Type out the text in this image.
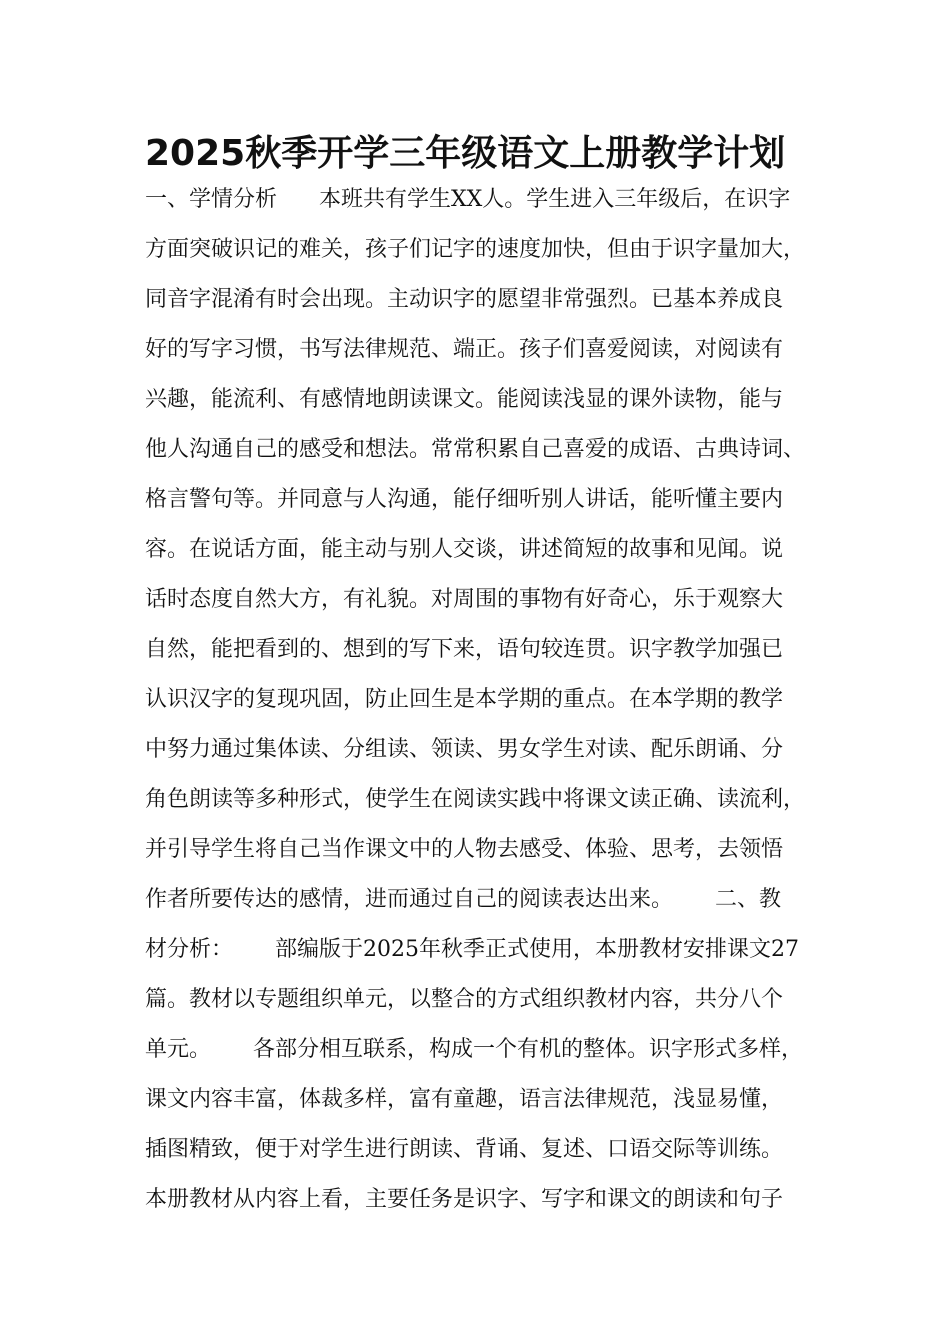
2025秋季开学三年级语文上册教学计划
一、学情分析      本班共有学生XX人。学生进入三年级后，在识字
方面突破识记的难关，孩子们记字的速度加快，但由于识字量加大，
同音字混淆有时会出现。主动识字的愿望非常强烈。已基本养成良
好的写字习惯，书写法律规范、端正。孩子们喜爱阅读，对阅读有
兴趣，能流利、有感情地朗读课文。能阅读浅显的课外读物，能与
他人沟通自己的感受和想法。常常积累自己喜爱的成语、古典诗词、
格言警句等。并同意与人沟通，能仔细听别人讲话，能听懂主要内
容。在说话方面，能主动与别人交谈，讲述简短的故事和见闻。说
话时态度自然大方，有礼貌。对周围的事物有好奇心，乐于观察大
自然，能把看到的、想到的写下来，语句较连贯。识字教学加强已
认识汉字的复现巩固，防止回生是本学期的重点。在本学期的教学
中努力通过集体读、分组读、领读、男女学生对读、配乐朗诵、分
角色朗读等多种形式，使学生在阅读实践中将课文读正确、读流利，
并引导学生将自己当作课文中的人物去感受、体验、思考，去领悟
作者所要传达的感情，进而通过自己的阅读表达出来。      二、教
材分析：      部编版于2025年秋季正式使用，本册教材安排课文27
篇。教材以专题组织单元，以整合的方式组织教材内容，共分八个
单元。      各部分相互联系，构成一个有机的整体。识字形式多样，
课文内容丰富，体裁多样，富有童趣，语言法律规范，浅显易懂，
插图精致，便于对学生进行朗读、背诵、复述、口语交际等训练。
本册教材从内容上看，主要任务是识字、写字和课文的朗读和句子
